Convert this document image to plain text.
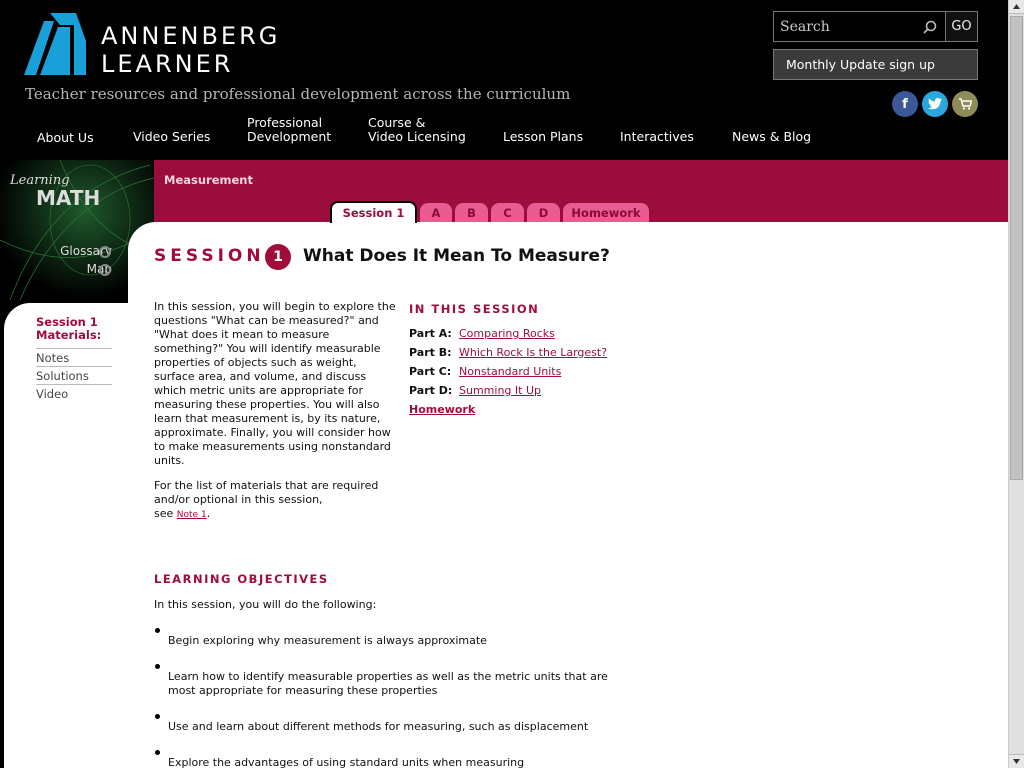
ANNENBERG
LEARNER
Teacher resources and professional development across the curriculum
Search
GO
Monthly Update sign up
f
About Us	Video Series
Professional
Development
Course &
Video Licensing	Lesson Plans	Interactives	News & Blog
Learning
MATH
Glossary
Map
Measurement
Session 1	A	B	C	D	Homework
Session 1
Materials:
Notes
Solutions
Video
SESSION 1	What Does It Mean To Measure?
In this session, you will begin to explore the questions "What can be measured?" and "What does it mean to measure something?" You will identify measurable properties of objects such as weight, surface area, and volume, and discuss which metric units are appropriate for measuring these properties. You will also learn that measurement is, by its nature, approximate. Finally, you will consider how to make measurements using nonstandard units.
For the list of materials that are required and/or optional in this session,
see Note 1.
IN THIS SESSION
Part A: Comparing Rocks
Part B: Which Rock Is the Largest?
Part C: Nonstandard Units
Part D: Summing It Up
Homework
LEARNING OBJECTIVES
In this session, you will do the following:
Begin exploring why measurement is always approximate
Learn how to identify measurable properties as well as the metric units that are most appropriate for measuring these properties
Use and learn about different methods for measuring, such as displacement
Explore the advantages of using standard units when measuring
